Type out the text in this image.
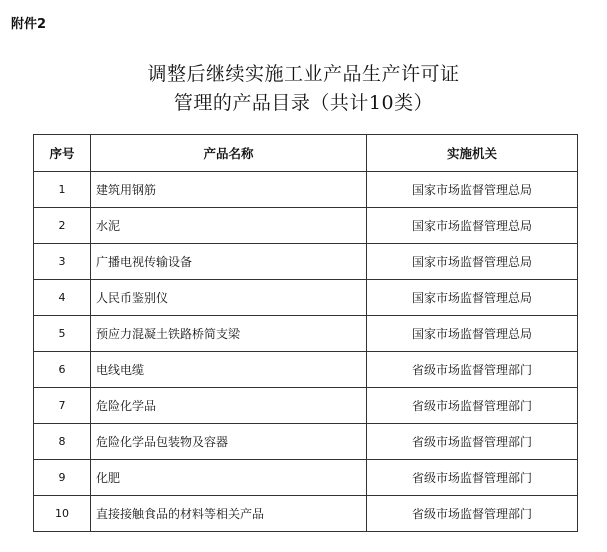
附件2
调整后继续实施工业产品生产许可证
管理的产品目录（共计10类）
序号	产品名称	实施机关
1	建筑用钢筋	国家市场监督管理总局
2	水泥	国家市场监督管理总局
3	广播电视传输设备	国家市场监督管理总局
4	人民币鉴别仪	国家市场监督管理总局
5	预应力混凝土铁路桥简支梁	国家市场监督管理总局
6	电线电缆	省级市场监督管理部门
7	危险化学品	省级市场监督管理部门
8	危险化学品包装物及容器	省级市场监督管理部门
9	化肥	省级市场监督管理部门
10	直接接触食品的材料等相关产品	省级市场监督管理部门
